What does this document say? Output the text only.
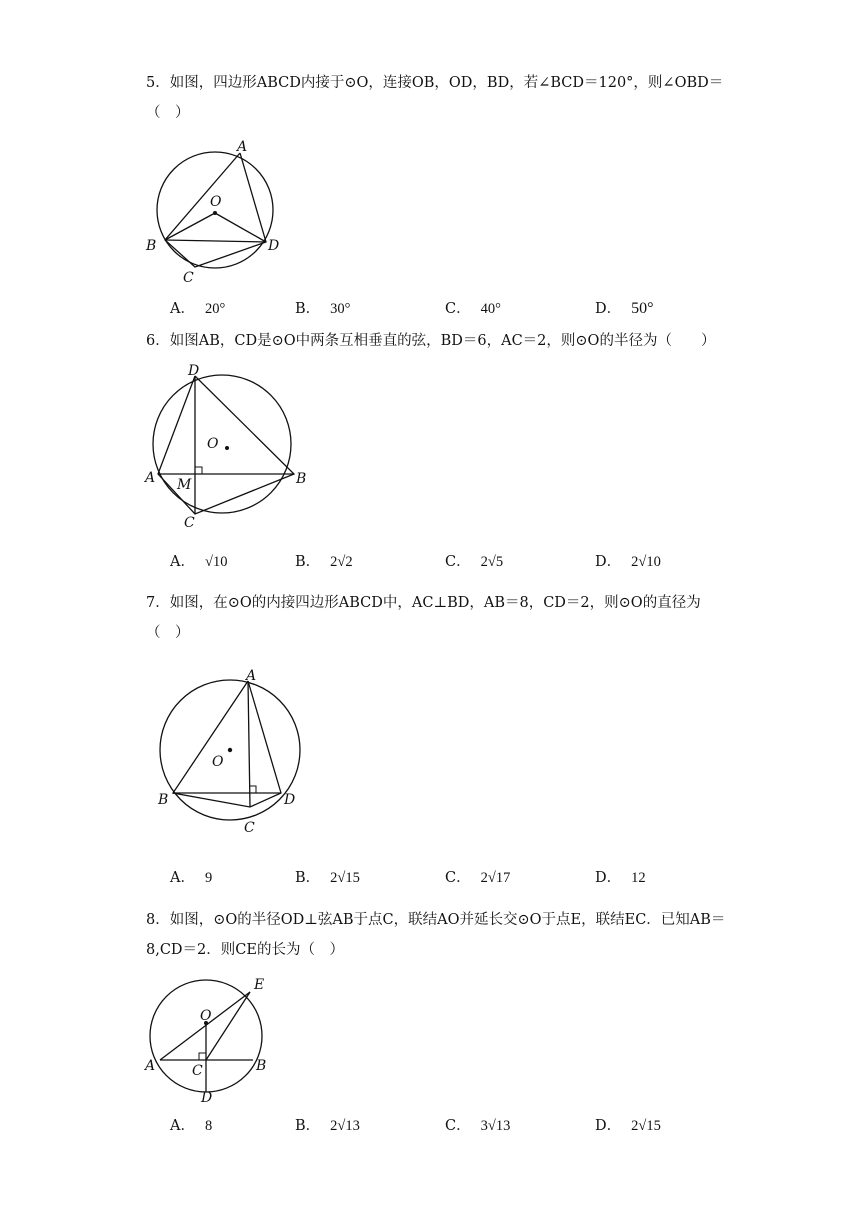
5．如图，四边形ABCD内接于⊙O，连接OB，OD，BD，若∠BCD＝120°，则∠OBD＝（　）
A
O
B	D
C
A． 20°	B． 30°	C． 40°	D． 50°
6．如图AB，CD是⊙O中两条互相垂直的弦，BD＝6，AC＝2，则⊙O的半径为（　　）
D
O
A M	B
C
A． √10	B． 2√2	C． 2√5	D． 2√10
7．如图，在⊙O的内接四边形ABCD中，AC⊥BD，AB＝8，CD＝2，则⊙O的直径为（　）
A
O
B	D
C
A． 9	B． 2√15	C． 2√17	D． 12
8．如图，⊙O的半径OD⊥弦AB于点C，联结AO并延长交⊙O于点E，联结EC．已知AB＝8,CD＝2．则CE的长为（　）
E
O
A	C	B
D
A． 8	B． 2√13	C． 3√13	D． 2√15
